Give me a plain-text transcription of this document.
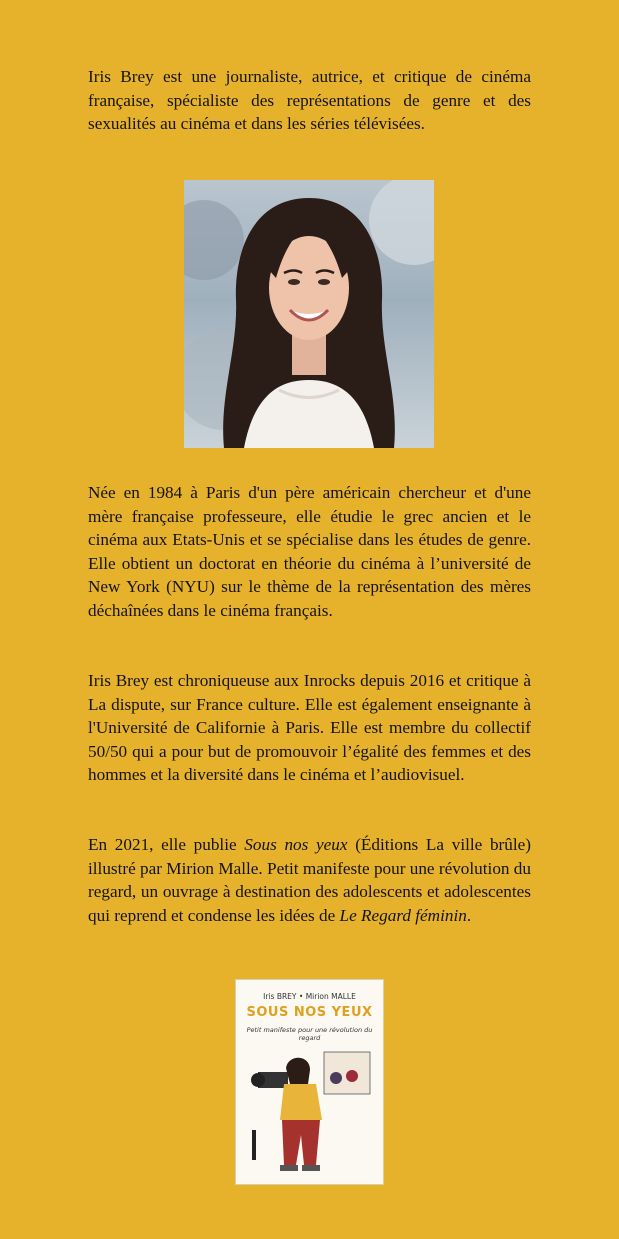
Iris Brey est une journaliste, autrice, et critique de cinéma française, spécialiste des représentations de genre et des sexualités au cinéma et dans les séries télévisées.

Née en 1984 à Paris d'un père américain chercheur et d'une mère française professeure, elle étudie le grec ancien et le cinéma aux Etats-Unis et se spécialise dans les études de genre. Elle obtient un doctorat en théorie du cinéma à l’université de New York (NYU) sur le thème de la représentation des mères déchaînées dans le cinéma français.

Iris Brey est chroniqueuse aux Inrocks depuis 2016 et critique à La dispute, sur France culture. Elle est également enseignante à l'Université de Californie à Paris. Elle est membre du collectif 50/50 qui a pour but de promouvoir l’égalité des femmes et des hommes et la diversité dans le cinéma et l’audiovisuel.

En 2021, elle publie Sous nos yeux (Éditions La ville brûle) illustré par Mirion Malle. Petit manifeste pour une révolution du regard, un ouvrage à destination des adolescents et adolescentes qui reprend et condense les idées de Le Regard féminin.

Iris BREY • Mirion MALLE
SOUS NOS YEUX
Petit manifeste pour une révolution du regard
